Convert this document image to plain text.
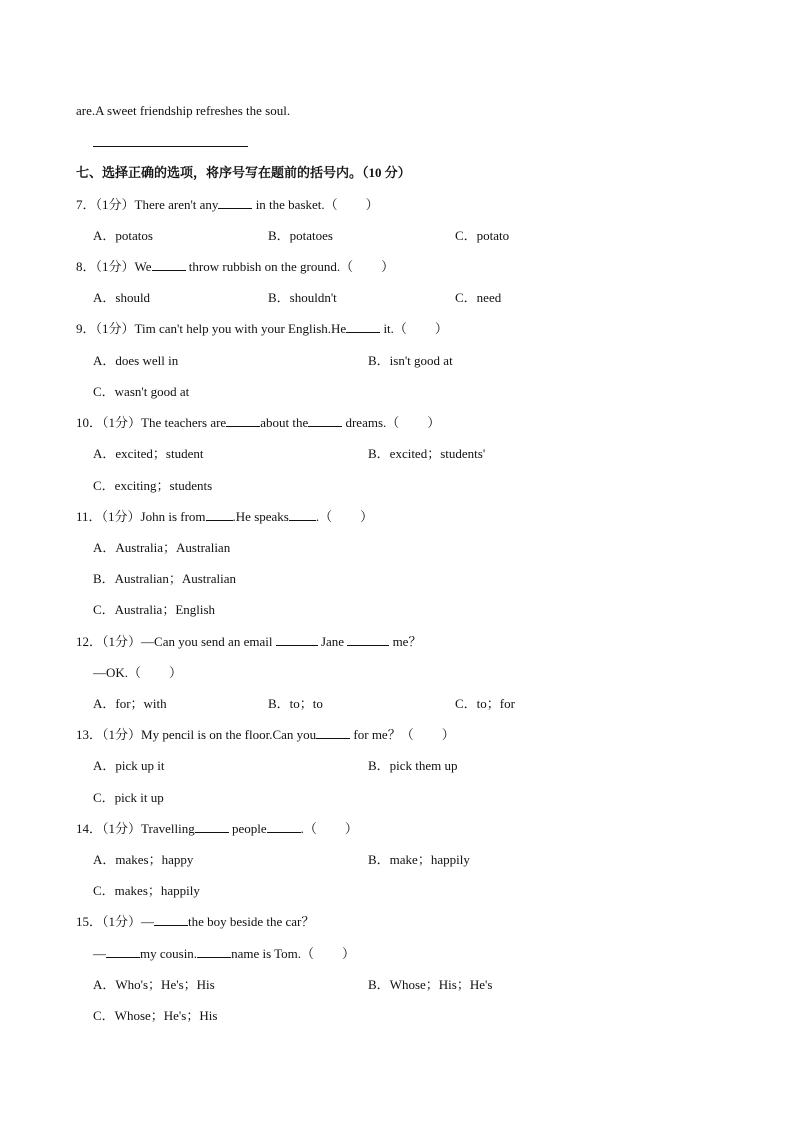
are.A sweet friendship refreshes the soul.
七、选择正确的选项，将序号写在题前的括号内。（10 分）
7．（1分）There aren't any	in the basket.（ ）
A．potatos	B．potatoes	C．potato
8．（1分）We	throw rubbish on the ground.（ ）
A．should	B．shouldn't	C．need
9．（1分）Tim can't help you with your English.He	it.（ ）
A．does well in	B．isn't good at
C．wasn't good at
10．（1分）The teachers are	about the	dreams.（ ）
A．excited；student	B．excited；students'
C．exciting；students
11．（1分）John is from .He speaks .（ ）
A．Australia；Australian
B．Australian；Australian
C．Australia；English
12．（1分）—Can you send an email	Jane	me？
—OK.（ ）
A．for；with	B．to；to	C．to；for
13．（1分）My pencil is on the floor.Can you	for me？（ ）
A．pick up it	B．pick them up
C．pick it up
14．（1分）Travelling	people	.（ ）
A．makes；happy	B．make；happily
C．makes；happily
15．（1分）—	the boy beside the car？
—	my cousin.	name is Tom.（ ）
A．Who's；He's；His	B．Whose；His；He's
C．Whose；He's；His
